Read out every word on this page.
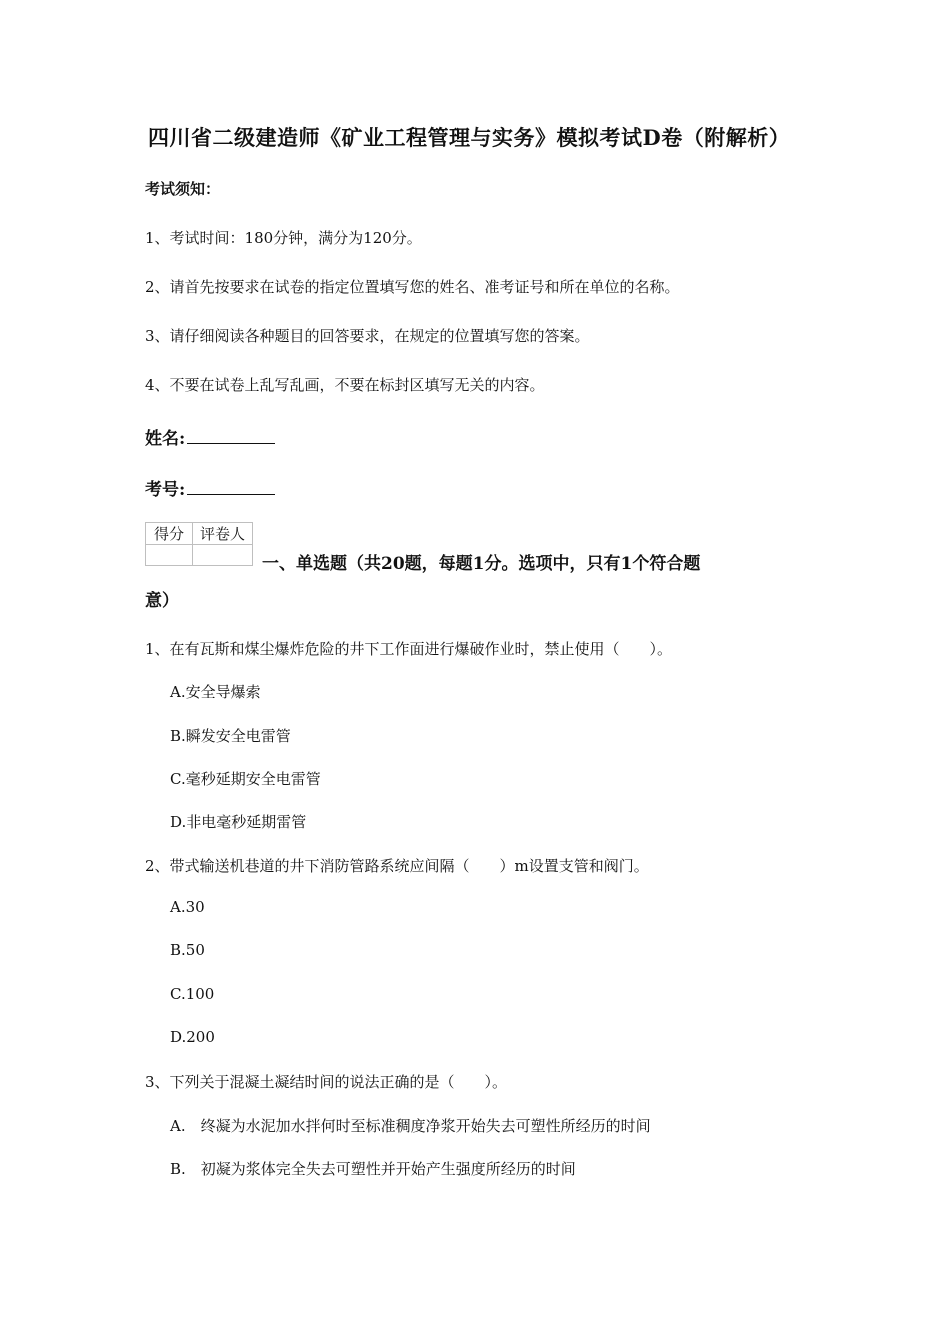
四川省二级建造师《矿业工程管理与实务》模拟考试D卷（附解析）
考试须知：
1、考试时间：180分钟，满分为120分。
2、请首先按要求在试卷的指定位置填写您的姓名、准考证号和所在单位的名称。
3、请仔细阅读各种题目的回答要求，在规定的位置填写您的答案。
4、不要在试卷上乱写乱画，不要在标封区填写无关的内容。
姓名:
考号:
得分	评卷人

一、单选题（共20题，每题1分。选项中，只有1个符合题
意）
1、在有瓦斯和煤尘爆炸危险的井下工作面进行爆破作业时，禁止使用（　　）。
A.安全导爆索
B.瞬发安全电雷管
C.毫秒延期安全电雷管
D.非电毫秒延期雷管
2、带式输送机巷道的井下消防管路系统应间隔（　　）m设置支管和阀门。
A.30
B.50
C.100
D.200
3、下列关于混凝土凝结时间的说法正确的是（　　）。
A.　终凝为水泥加水拌何时至标准稠度净浆开始失去可塑性所经历的时间
B.　初凝为浆体完全失去可塑性并开始产生强度所经历的时间
